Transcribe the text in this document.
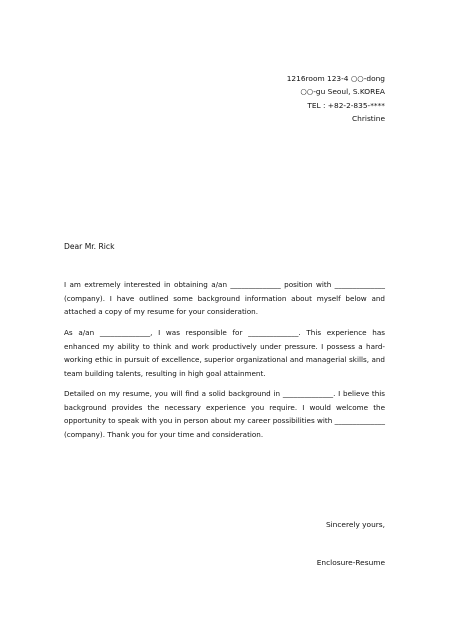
1216room 123-4 ○○-dong
○○-gu Seoul, S.KOREA
TEL : +82-2-835-****
Christine
Dear Mr. Rick

I am extremely interested in obtaining a/an ______________ position with ______________ (company). I have outlined some background information about myself below and attached a copy of my resume for your consideration.

As a/an ______________, I was responsible for ______________. This experience has enhanced my ability to think and work productively under pressure. I possess a hard-working ethic in pursuit of excellence, superior organizational and managerial skills, and team building talents, resulting in high goal attainment.

Detailed on my resume, you will find a solid background in ______________. I believe this background provides the necessary experience you require. I would welcome the opportunity to speak with you in person about my career possibilities with ______________ (company). Thank you for your time and consideration.

Sincerely yours,
Enclosure-Resume
